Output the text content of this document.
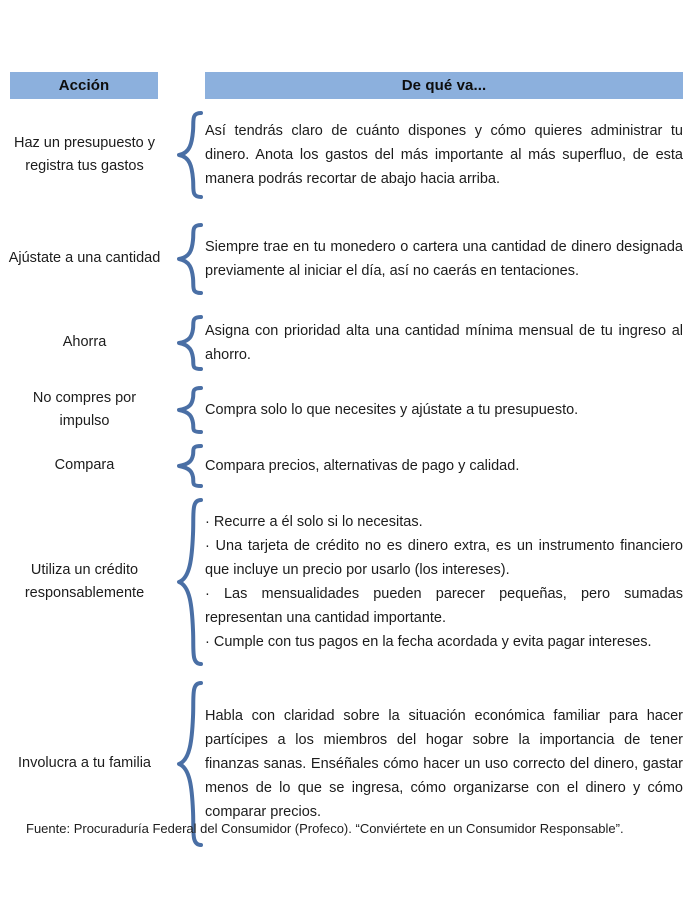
Acción	De qué va...
Haz un presupuesto y registra tus gastos

Así tendrás claro de cuánto dispones y cómo quieres administrar tu dinero. Anota los gastos del más importante al más superfluo, de esta manera podrás recortar de abajo hacia arriba.

Ajústate a una cantidad

Siempre trae en tu monedero o cartera una cantidad de dinero designada previamente al iniciar el día, así no caerás en tentaciones.

Ahorra

Asigna con prioridad alta una cantidad mínima mensual de tu ingreso al ahorro.

No compres por impulso

Compra solo lo que necesites y ajústate a tu presupuesto.

Compara	Compara precios, alternativas de pago y calidad.

Utiliza un crédito responsablemente

· Recurre a él solo si lo necesitas.

· Una tarjeta de crédito no es dinero extra, es un instrumento financiero que incluye un precio por usarlo (los intereses).

· Las mensualidades pueden parecer pequeñas, pero sumadas representan una cantidad importante.

· Cumple con tus pagos en la fecha acordada y evita pagar intereses.

Involucra a tu familia

Habla con claridad sobre la situación económica familiar para hacer partícipes a los miembros del hogar sobre la importancia de tener finanzas sanas. Enséñales cómo hacer un uso correcto del dinero, gastar menos de lo que se ingresa, cómo organizarse con el dinero y cómo comparar precios.

Fuente: Procuraduría Federal del Consumidor (Profeco). “Conviértete en un Consumidor Responsable”.
